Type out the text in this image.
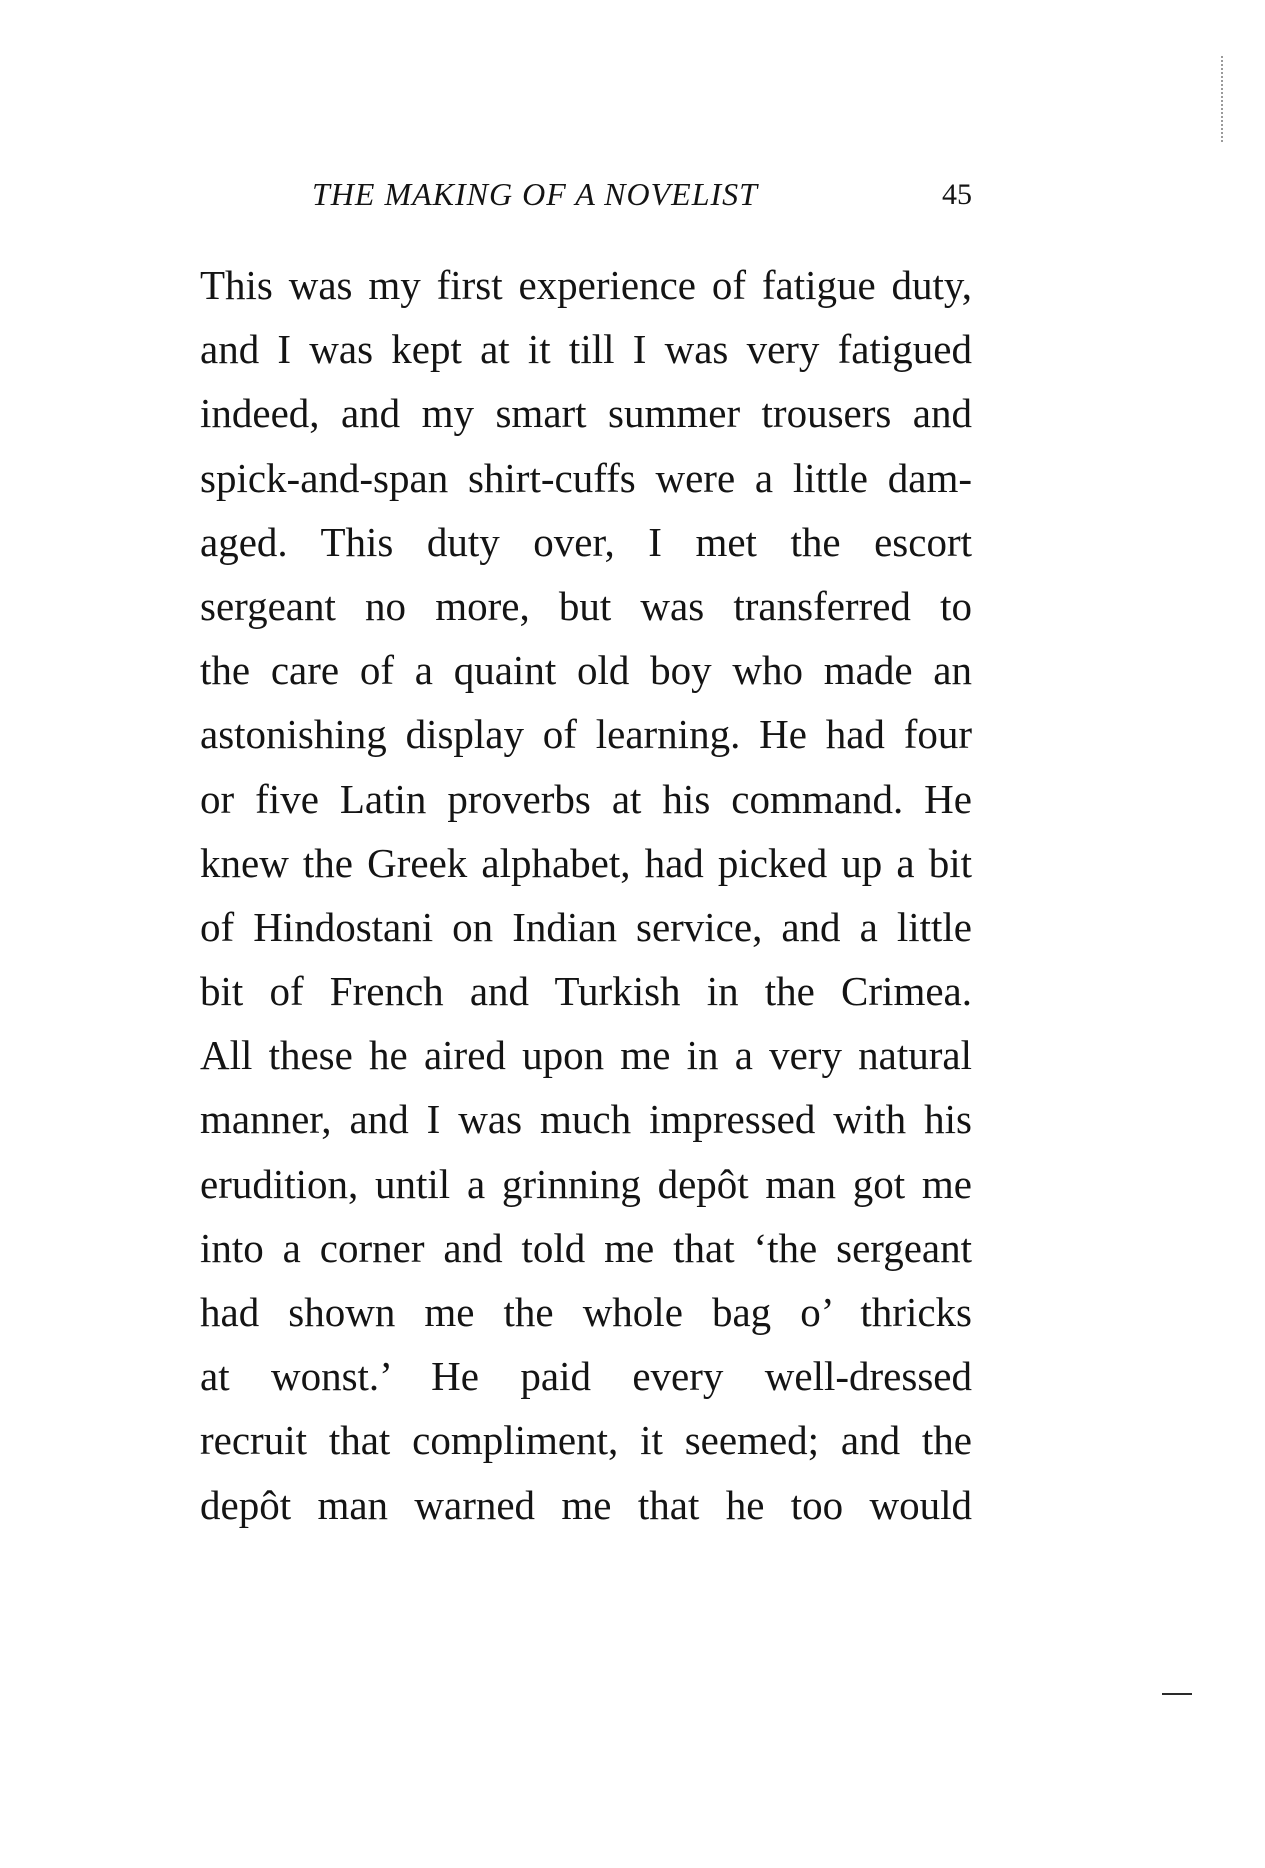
THE MAKING OF A NOVELIST	45
This was my first experience of fatigue duty,
and I was kept at it till I was very fatigued
indeed, and my smart summer trousers and
spick-and-span shirt-cuffs were a little dam-
aged. This duty over, I met the escort
sergeant no more, but was transferred to
the care of a quaint old boy who made an
astonishing display of learning. He had four
or five Latin proverbs at his command. He
knew the Greek alphabet, had picked up a bit
of Hindostani on Indian service, and a little
bit of French and Turkish in the Crimea.
All these he aired upon me in a very natural
manner, and I was much impressed with his
erudition, until a grinning depôt man got me
into a corner and told me that ‘the sergeant
had shown me the whole bag o’ thricks
at wonst.’ He paid every well-dressed
recruit that compliment, it seemed; and the
depôt man warned me that he too would
